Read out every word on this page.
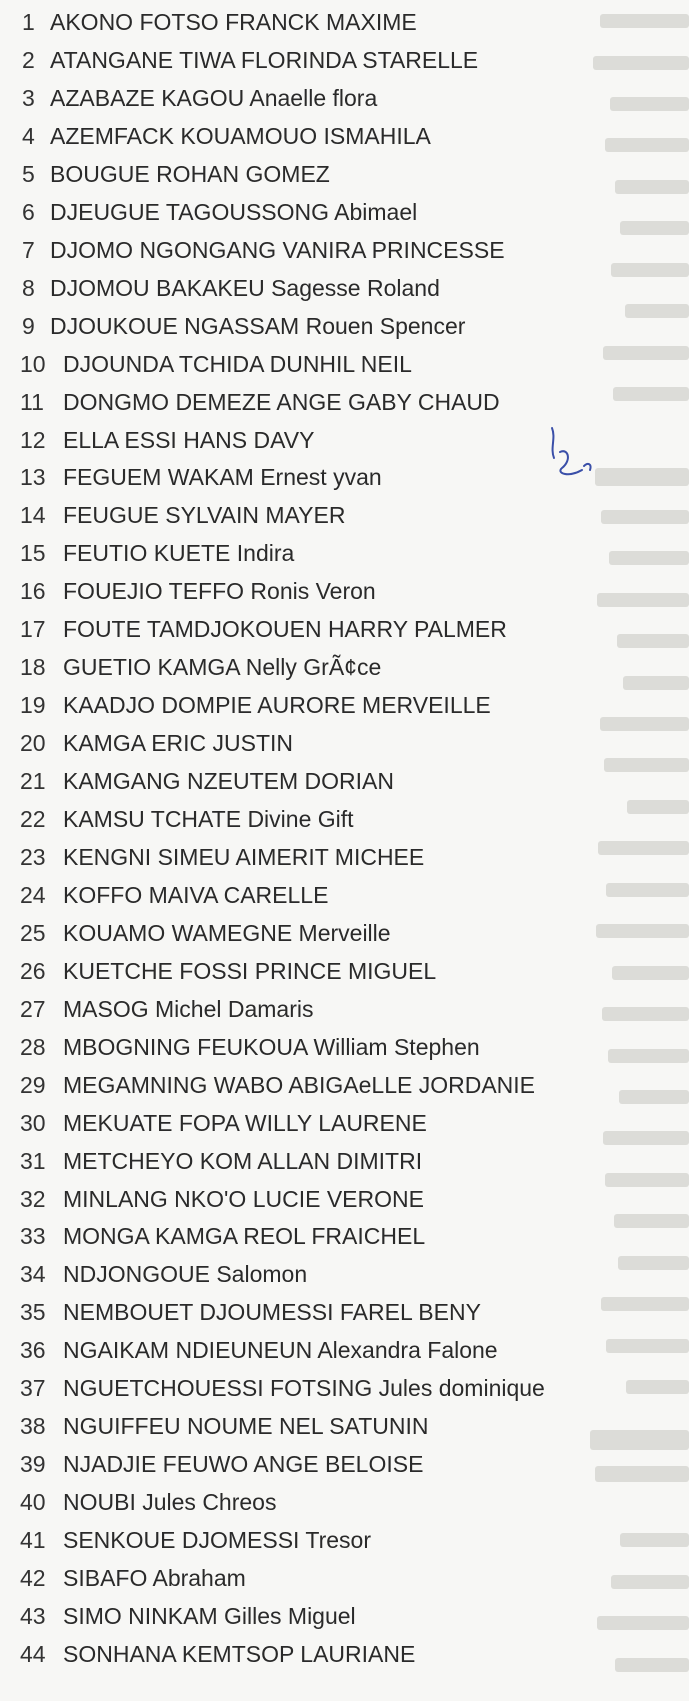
1 AKONO FOTSO FRANCK MAXIME
2 ATANGANE TIWA FLORINDA STARELLE
3 AZABAZE KAGOU Anaelle flora
4 AZEMFACK KOUAMOUO ISMAHILA
5 BOUGUE ROHAN GOMEZ
6 DJEUGUE TAGOUSSONG Abimael
7 DJOMO NGONGANG VANIRA PRINCESSE
8 DJOMOU BAKAKEU Sagesse Roland
9 DJOUKOUE NGASSAM Rouen Spencer
10 DJOUNDA TCHIDA DUNHIL NEIL
11 DONGMO DEMEZE ANGE GABY CHAUD
12 ELLA ESSI HANS DAVY
13 FEGUEM WAKAM Ernest yvan
14 FEUGUE SYLVAIN MAYER
15 FEUTIO KUETE Indira
16 FOUEJIO TEFFO Ronis Veron
17 FOUTE TAMDJOKOUEN HARRY PALMER
18 GUETIO KAMGA Nelly GrÃ¢ce
19 KAADJO DOMPIE AURORE MERVEILLE
20 KAMGA ERIC JUSTIN
21 KAMGANG NZEUTEM DORIAN
22 KAMSU TCHATE Divine Gift
23 KENGNI SIMEU AIMERIT MICHEE
24 KOFFO MAIVA CARELLE
25 KOUAMO WAMEGNE Merveille
26 KUETCHE FOSSI PRINCE MIGUEL
27 MASOG Michel Damaris
28 MBOGNING FEUKOUA William Stephen
29 MEGAMNING WABO ABIGAeLLE JORDANIE
30 MEKUATE FOPA WILLY LAURENE
31 METCHEYO KOM ALLAN DIMITRI
32 MINLANG NKO'O LUCIE VERONE
33 MONGA KAMGA REOL FRAICHEL
34 NDJONGOUE Salomon
35 NEMBOUET DJOUMESSI FAREL BENY
36 NGAIKAM NDIEUNEUN Alexandra Falone
37 NGUETCHOUESSI FOTSING Jules dominique
38 NGUIFFEU NOUME NEL SATUNIN
39 NJADJIE FEUWO ANGE BELOISE
40 NOUBI Jules Chreos
41 SENKOUE DJOMESSI Tresor
42 SIBAFO Abraham
43 SIMO NINKAM Gilles Miguel
44 SONHANA KEMTSOP LAURIANE
